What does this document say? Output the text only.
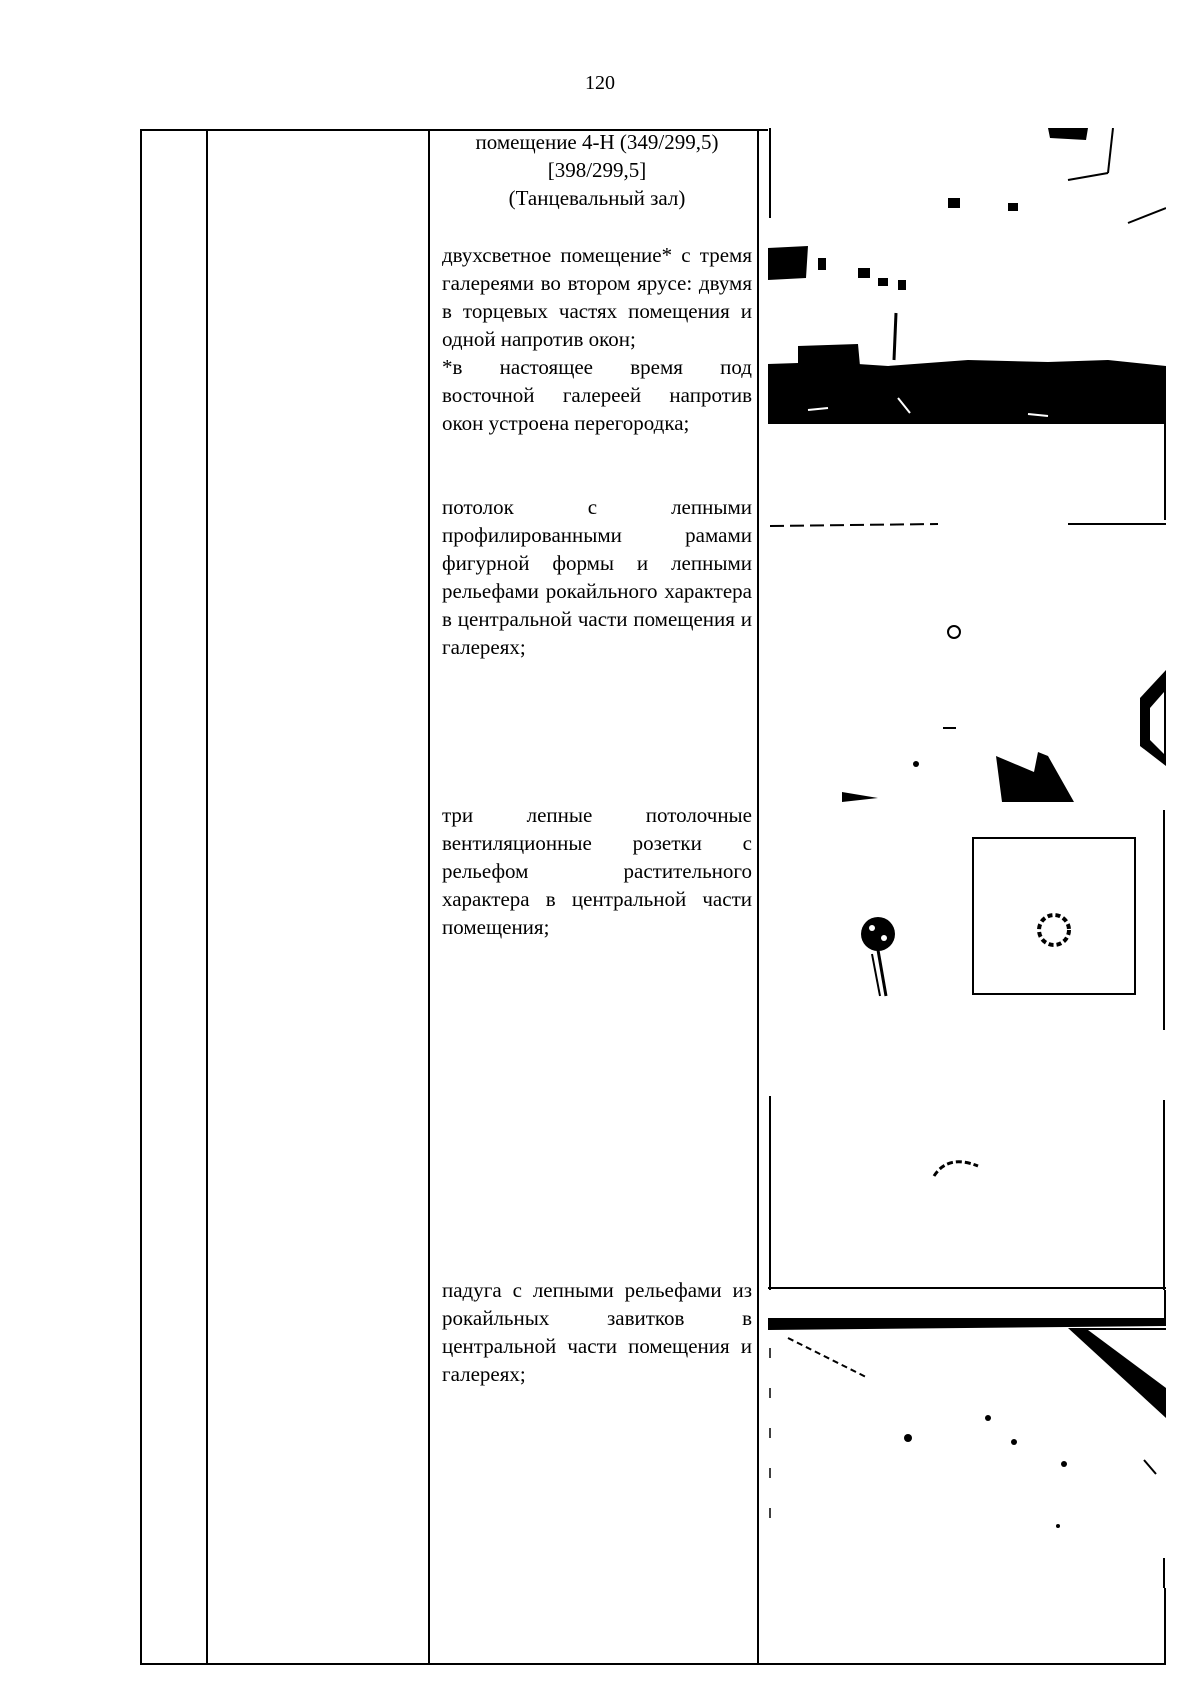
120

помещение 4-Н (349/299,5)

[398/299,5]

(Танцевальный зал)

двухсветное помещение* с тремя галереями во втором ярусе: двумя в торцевых частях помещения и одной напротив окон;

*в настоящее время под восточной галереей напротив окон устроена перегородка;

потолок с лепными профилированными рамами фигурной формы и лепными рельефами рокайльного характера в центральной части помещения и галереях;

три лепные потолочные вентиляционные розетки с рельефом растительного характера в центральной части помещения;

падуга с лепными рельефами из рокайльных завитков в центральной части помещения и галереях;
